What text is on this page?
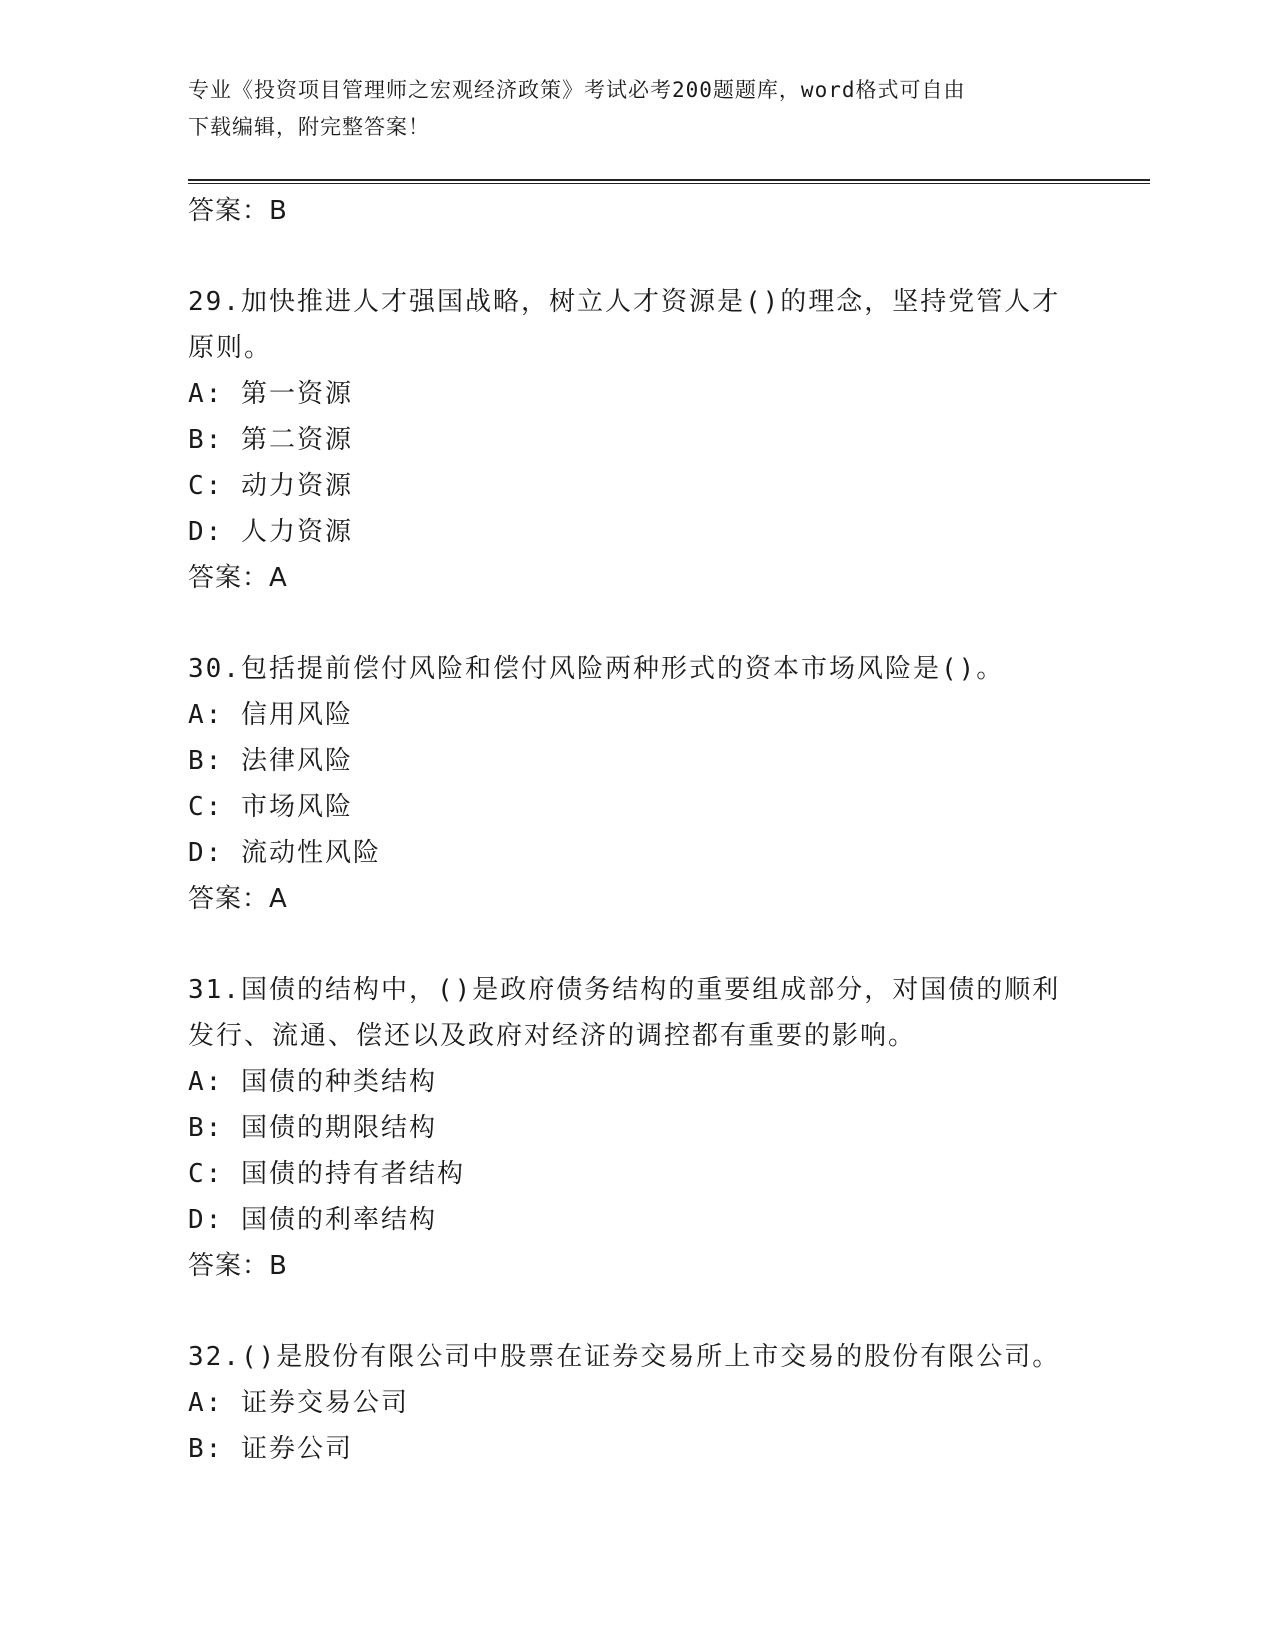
专业《投资项目管理师之宏观经济政策》考试必考200题题库，word格式可自由
下载编辑，附完整答案！
答案：B
29.加快推进人才强国战略，树立人才资源是()的理念，坚持党管人才
原则。
A: 第一资源
B: 第二资源
C: 动力资源
D: 人力资源
答案：A
30.包括提前偿付风险和偿付风险两种形式的资本市场风险是()。
A: 信用风险
B: 法律风险
C: 市场风险
D: 流动性风险
答案：A
31.国债的结构中，()是政府债务结构的重要组成部分，对国债的顺利
发行、流通、偿还以及政府对经济的调控都有重要的影响。
A: 国债的种类结构
B: 国债的期限结构
C: 国债的持有者结构
D: 国债的利率结构
答案：B
32.()是股份有限公司中股票在证券交易所上市交易的股份有限公司。
A: 证券交易公司
B: 证券公司
